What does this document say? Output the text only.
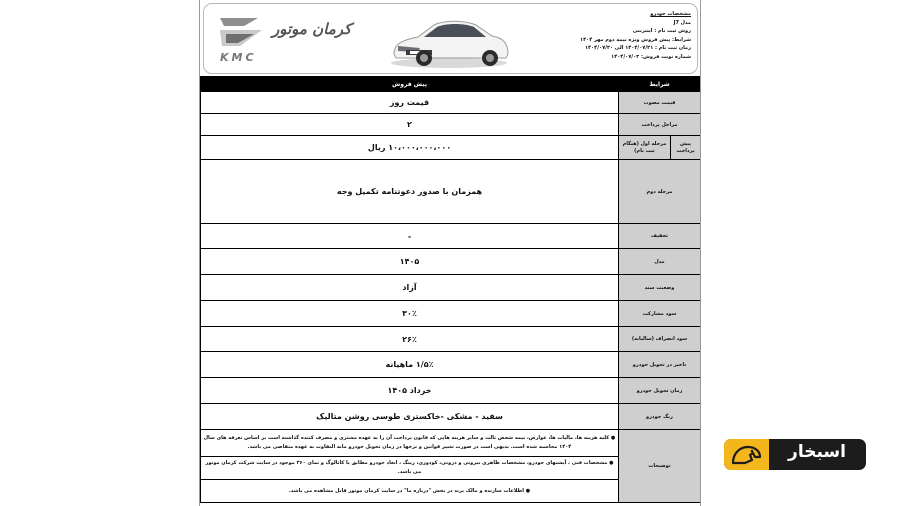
کرمان موتور
KMC
مشخصات خودرو
مدل J7
روش ثبت نام : اینترنتی
شرایط: پیش فروش ویژه نیمه دوم مهر ۱۴۰۴
زمان ثبت نام : ۱۴۰۴/۰۷/۲۱ الی ۱۴۰۴/۰۷/۳۰
شماره نوبت فروش: ۱۴۰۴/۰۷/۰۳
شرایط		پیش فروش
قیمت مصوب		قیمت روز
مراحل پرداخت		۲
پیش پرداخت	مرحله اول (هنگام ثبت نام)	۱۰،۰۰۰،۰۰۰،۰۰۰ ریال
مرحله دوم		همزمان با صدور دعوتنامه تکمیل وجه
تخفیف		-
مدل		۱۴۰۵
وضعیت سند		آزاد
سود مشارکت		۳۰٪
سود انصراف (سالیانه)		۲۶٪
تاخیر در تحویل خودرو		۱/۵٪ ماهیانه
زمان تحویل خودرو		خرداد ۱۴۰۵
رنگ خودرو		سفید - مشکی -خاکستری طوسی روشن متالیک
توضیحات		● کلیه هزینه ها، مالیات ها، عوارض، بیمه شخص ثالث و سایر هزینه هایی که قانون پرداخت آن را به عهده مشتری و مصرف کننده گذاشته است بر اساس تعرفه های سال ۱۴۰۴ محاسبه شده است. بدیهی است در صورت تغییر قوانین و نرخها در زمان تحویل خودرو مابه التفاوت به عهده متقاضی می باشد.
		● مشخصات فنی ، آپشنهای خودرو، مشخصات ظاهری بیرونی و درونی، کودوزی، رینگ ، ابعاد خودرو مطابق با کاتالوگ و نمای ۳۶۰ موجود در سایت شرکت کرمان موتور می باشد.
		● اطلاعات سازنده و مالک برند در بخش "درباره ما" در سایت کرمان موتور قابل مشاهده می باشد.
اسبخار
